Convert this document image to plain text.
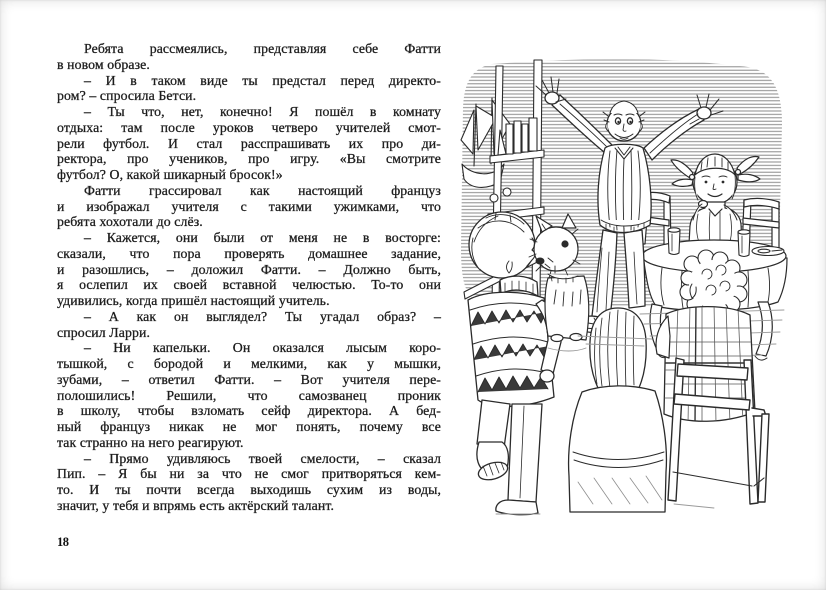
Ребята рассмеялись, представляя себе Фатти
в новом образе.
– И в таком виде ты предстал перед директо-
ром? – спросила Бетси.
– Ты что, нет, конечно! Я пошёл в комнату
отдыха: там после уроков четверо учителей смот-
рели футбол. И стал расспрашивать их про ди-
ректора, про учеников, про игру. «Вы смотрите
футбол? О, какой шикарный бросок!»
Фатти грассировал как настоящий француз
и изображал учителя с такими ужимками, что
ребята хохотали до слёз.
– Кажется, они были от меня не в восторге:
сказали, что пора проверять домашнее задание,
и разошлись, – доложил Фатти. – Должно быть,
я ослепил их своей вставной челюстью. То-то они
удивились, когда пришёл настоящий учитель.
– А как он выглядел? Ты угадал образ? –
спросил Ларри.
– Ни капельки. Он оказался лысым коро-
тышкой, с бородой и мелкими, как у мышки,
зубами, – ответил Фатти. – Вот учителя пере-
полошились! Решили, что самозванец проник
в школу, чтобы взломать сейф директора. А бед-
ный француз никак не мог понять, почему все
так странно на него реагируют.
– Прямо удивляюсь твоей смелости, – сказал
Пип. – Я бы ни за что не смог притворяться кем-
то. И ты почти всегда выходишь сухим из воды,
значит, у тебя и впрямь есть актёрский талант.
18
